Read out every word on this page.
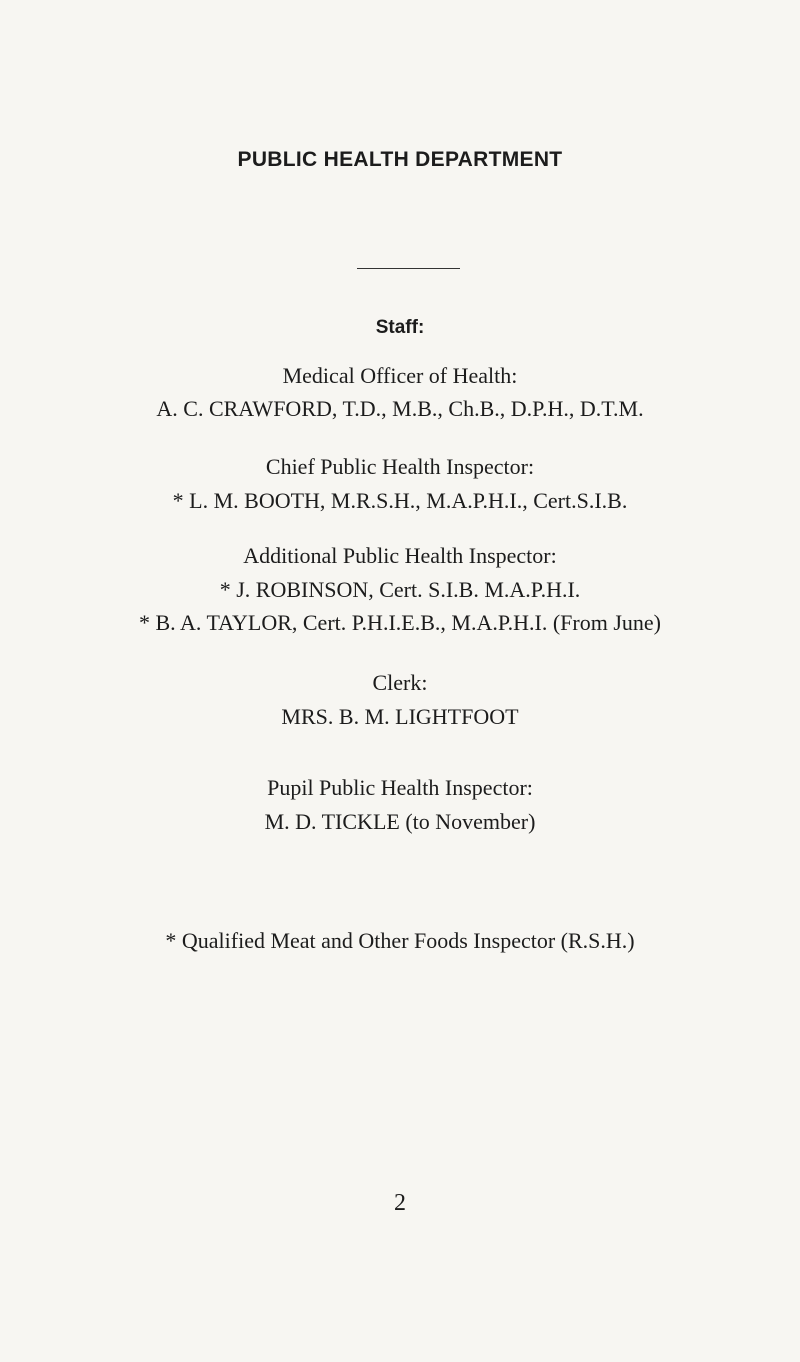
PUBLIC HEALTH DEPARTMENT
Staff:
Medical Officer of Health:
A. C. CRAWFORD, T.D., M.B., Ch.B., D.P.H., D.T.M.
Chief Public Health Inspector:
* L. M. BOOTH, M.R.S.H., M.A.P.H.I., Cert.S.I.B.
Additional Public Health Inspector:
* J. ROBINSON, Cert. S.I.B. M.A.P.H.I.
* B. A. TAYLOR, Cert. P.H.I.E.B., M.A.P.H.I. (From June)
Clerk:
MRS. B. M. LIGHTFOOT
Pupil Public Health Inspector:
M. D. TICKLE (to November)
* Qualified Meat and Other Foods Inspector (R.S.H.)
2
